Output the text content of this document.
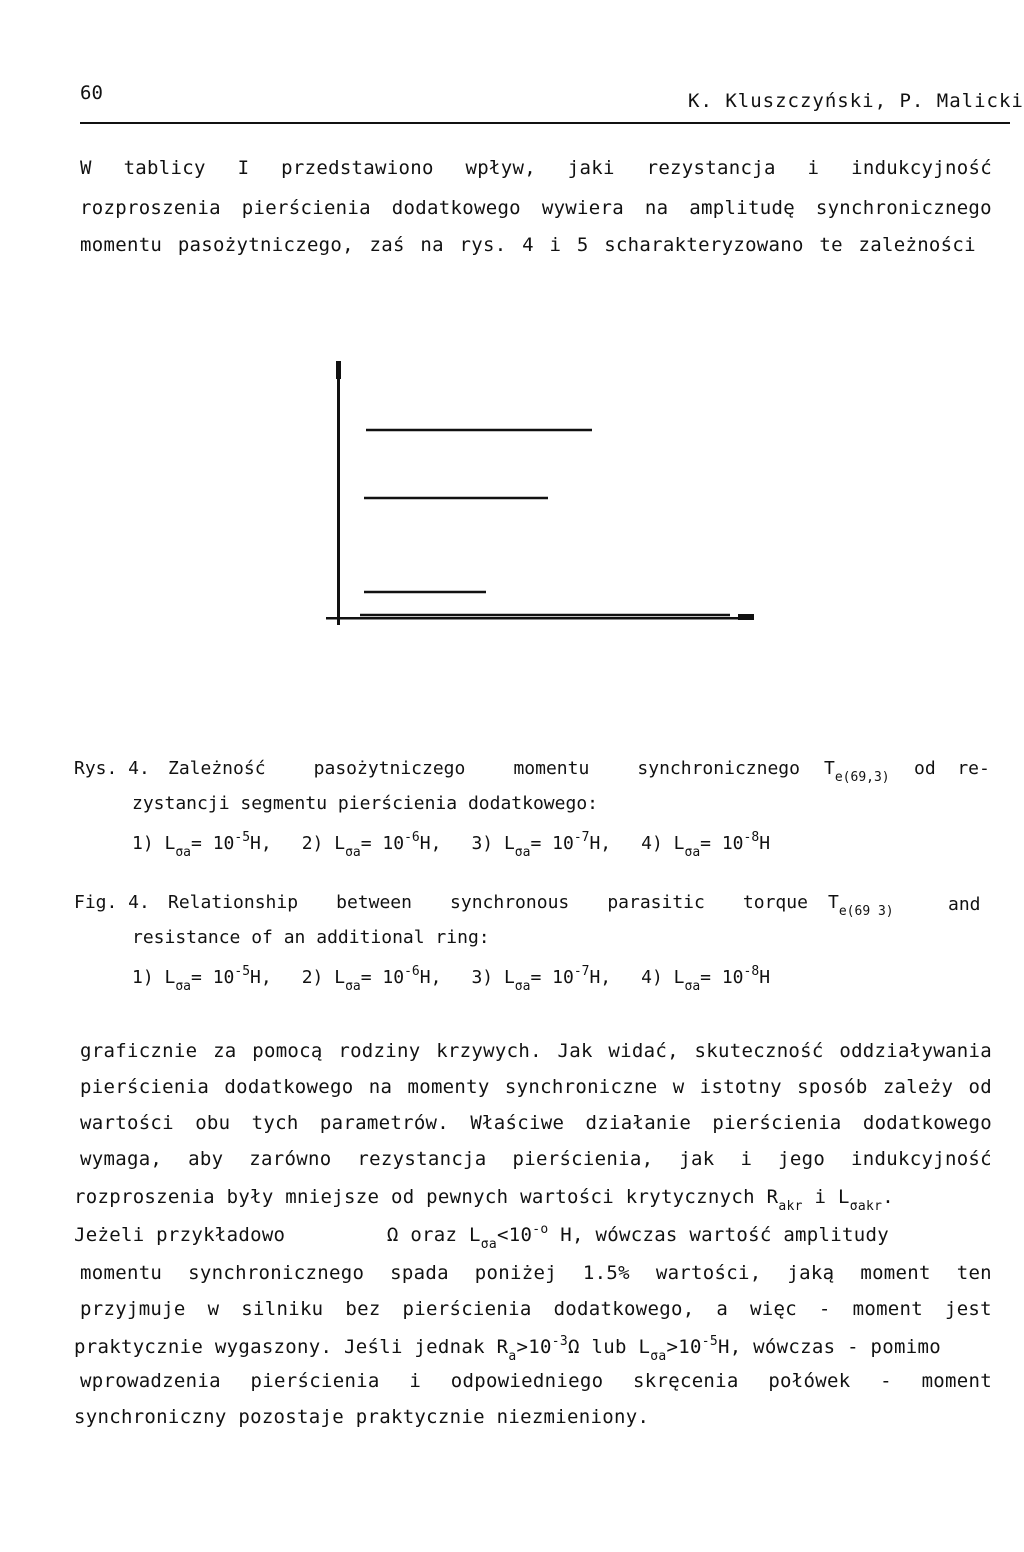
60	K. Kluszczyński, P. Malicki
W tablicy I przedstawiono wpływ, jaki rezystancja i indukcyjność
rozproszenia pierścienia dodatkowego wywiera na amplitudę synchronicznego
momentu pasożytniczego, zaś na rys. 4 i 5 scharakteryzowano te zależności
Rys. 4. Zależność	pasożytniczego	momentu	synchronicznego $T_{e(69,3)}$ od  re-
zystancji segmentu pierścienia dodatkowego:
1) $L_{\sigma a}= 10^{-5}H$, 2) $L_{\sigma a}= 10^{-6}H$, 3) $L_{\sigma a}= 10^{-7}H$, 4) $L_{\sigma a}= 10^{-8}H$
Fig. 4. Relationship between synchronous parasitic torque $T_{e(69 3)}$	and
resistance of an additional ring:
1) $L_{\sigma a}= 10^{-5}H$, 2) $L_{\sigma a}= 10^{-6}H$, 3) $L_{\sigma a}= 10^{-7}H$, 4) $L_{\sigma a}= 10^{-8}H$
graficznie za pomocą rodziny krzywych. Jak widać, skuteczność oddziaływania
pierścienia dodatkowego na momenty synchroniczne w istotny sposób zależy od
wartości obu tych parametrów. Właściwe działanie pierścienia dodatkowego
wymaga, aby zarówno rezystancja pierścienia, jak i jego indukcyjność
rozproszenia były mniejsze od pewnych wartości krytycznych $R_{akr}$ i $L_{\sigma akr}$.
Jeżeli przykładowo	Ω oraz $L_{\sigma a}<10^{-o}$ H, wówczas wartość amplitudy
momentu synchronicznego spada poniżej 1.5% wartości, jaką moment ten
przyjmuje w silniku bez pierścienia dodatkowego, a więc - moment jest
praktycznie wygaszony. Jeśli jednak $R_a>10^{-3}\Omega$ lub $L_{\sigma a}>10^{-5}H$, wówczas - pomimo
wprowadzenia pierścienia i odpowiedniego skręcenia połówek - moment
synchroniczny pozostaje praktycznie niezmieniony.
